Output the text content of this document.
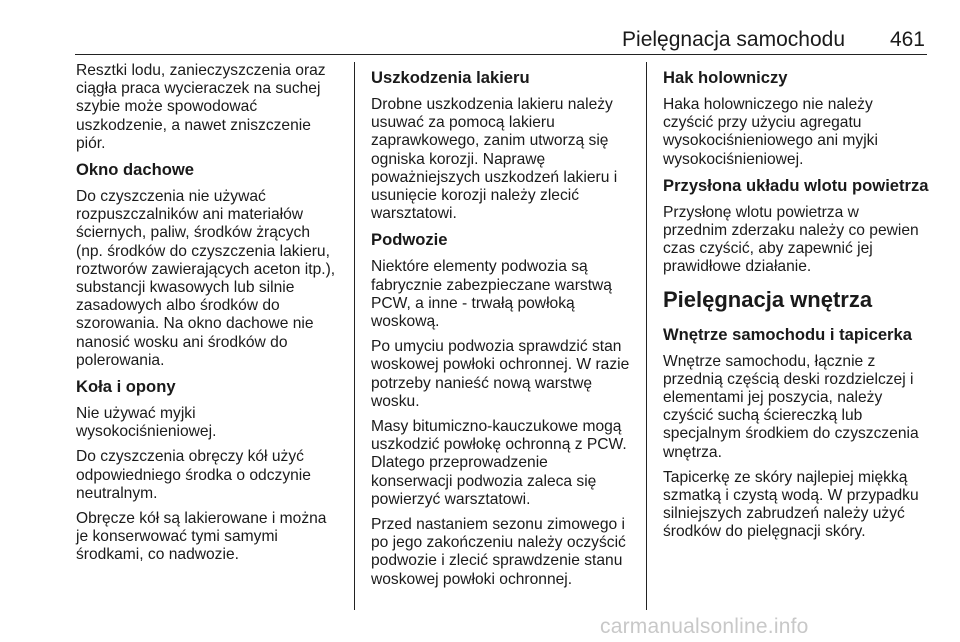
Pielęgnacja samochodu 461

Resztki lodu, zanieczyszczenia oraz
ciągła praca wycieraczek na suchej
szybie może spowodować
uszkodzenie, a nawet zniszczenie
piór.

Okno dachowe

Do czyszczenia nie używać
rozpuszczalników ani materiałów
ściernych, paliw, środków żrących
(np. środków do czyszczenia lakieru,
roztworów zawierających aceton itp.),
substancji kwasowych lub silnie
zasadowych albo środków do
szorowania. Na okno dachowe nie
nanosić wosku ani środków do
polerowania.

Koła i opony

Nie używać myjki
wysokociśnieniowej.

Do czyszczenia obręczy kół użyć
odpowiedniego środka o odczynie
neutralnym.

Obręcze kół są lakierowane i można
je konserwować tymi samymi
środkami, co nadwozie.

Uszkodzenia lakieru

Drobne uszkodzenia lakieru należy
usuwać za pomocą lakieru
zaprawkowego, zanim utworzą się
ogniska korozji. Naprawę
poważniejszych uszkodzeń lakieru i
usunięcie korozji należy zlecić
warsztatowi.

Podwozie

Niektóre elementy podwozia są
fabrycznie zabezpieczane warstwą
PCW, a inne - trwałą powłoką
woskową.

Po umyciu podwozia sprawdzić stan
woskowej powłoki ochronnej. W razie
potrzeby nanieść nową warstwę
wosku.

Masy bitumiczno-kauczukowe mogą
uszkodzić powłokę ochronną z PCW.
Dlatego przeprowadzenie
konserwacji podwozia zaleca się
powierzyć warsztatowi.

Przed nastaniem sezonu zimowego i
po jego zakończeniu należy oczyścić
podwozie i zlecić sprawdzenie stanu
woskowej powłoki ochronnej.

Hak holowniczy

Haka holowniczego nie należy
czyścić przy użyciu agregatu
wysokociśnieniowego ani myjki
wysokociśnieniowej.

Przysłona układu wlotu powietrza

Przysłonę wlotu powietrza w
przednim zderzaku należy co pewien
czas czyścić, aby zapewnić jej
prawidłowe działanie.

Pielęgnacja wnętrza
Wnętrze samochodu i tapicerka

Wnętrze samochodu, łącznie z
przednią częścią deski rozdzielczej i
elementami jej poszycia, należy
czyścić suchą ściereczką lub
specjalnym środkiem do czyszczenia
wnętrza.

Tapicerkę ze skóry najlepiej miękką
szmatką i czystą wodą. W przypadku
silniejszych zabrudzeń należy użyć
środków do pielęgnacji skóry.

carmanualsonline.info
